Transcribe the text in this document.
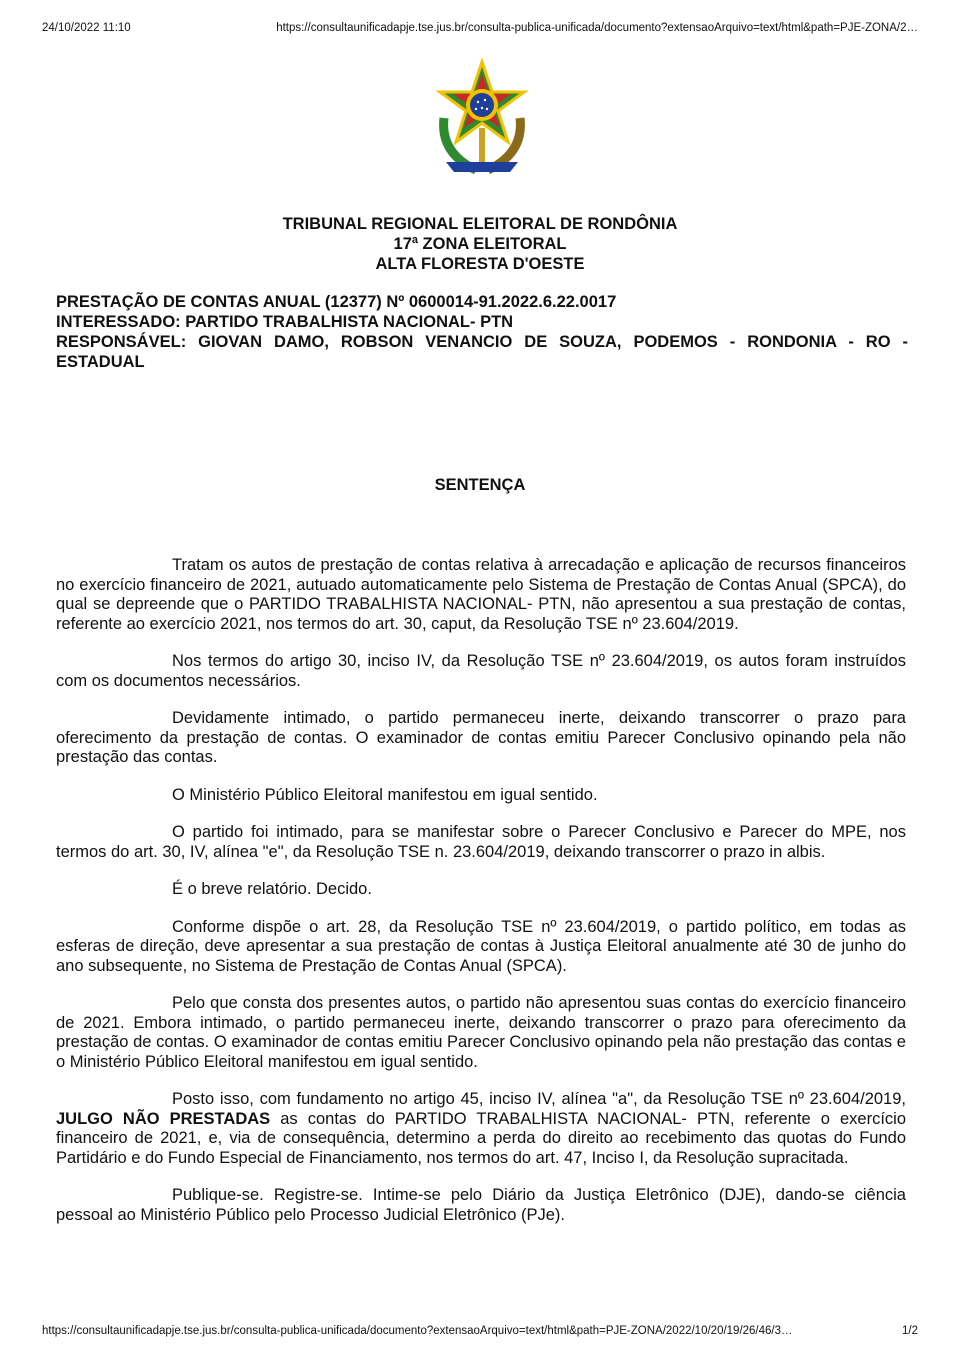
24/10/2022 11:10	https://consultaunificadapje.tse.jus.br/consulta-publica-unificada/documento?extensaoArquivo=text/html&path=PJE-ZONA/2…
TRIBUNAL REGIONAL ELEITORAL DE RONDÔNIA
17ª ZONA ELEITORAL
ALTA FLORESTA D'OESTE
PRESTAÇÃO DE CONTAS ANUAL (12377) Nº 0600014-91.2022.6.22.0017
INTERESSADO: PARTIDO TRABALHISTA NACIONAL- PTN
RESPONSÁVEL: GIOVAN DAMO, ROBSON VENANCIO DE SOUZA, PODEMOS - RONDONIA - RO - ESTADUAL
SENTENÇA

Tratam os autos de prestação de contas relativa à arrecadação e aplicação de recursos financeiros no exercício financeiro de 2021, autuado automaticamente pelo Sistema de Prestação de Contas Anual (SPCA), do qual se depreende que o PARTIDO TRABALHISTA NACIONAL- PTN, não apresentou a sua prestação de contas, referente ao exercício 2021, nos termos do art. 30, caput, da Resolução TSE nº 23.604/2019.

Nos termos do artigo 30, inciso IV, da Resolução TSE nº 23.604/2019, os autos foram instruídos com os documentos necessários.

Devidamente intimado, o partido permaneceu inerte, deixando transcorrer o prazo para oferecimento da prestação de contas. O examinador de contas emitiu Parecer Conclusivo opinando pela não prestação das contas.

O Ministério Público Eleitoral manifestou em igual sentido.

O partido foi intimado, para se manifestar sobre o Parecer Conclusivo e Parecer do MPE, nos termos do art. 30, IV, alínea "e", da Resolução TSE n. 23.604/2019, deixando transcorrer o prazo in albis.

É o breve relatório. Decido.

Conforme dispõe o art. 28, da Resolução TSE nº 23.604/2019, o partido político, em todas as esferas de direção, deve apresentar a sua prestação de contas à Justiça Eleitoral anualmente até 30 de junho do ano subsequente, no Sistema de Prestação de Contas Anual (SPCA).

Pelo que consta dos presentes autos, o partido não apresentou suas contas do exercício financeiro de 2021. Embora intimado, o partido permaneceu inerte, deixando transcorrer o prazo para oferecimento da prestação de contas. O examinador de contas emitiu Parecer Conclusivo opinando pela não prestação das contas e o Ministério Público Eleitoral manifestou em igual sentido.

Posto isso, com fundamento no artigo 45, inciso IV, alínea "a", da Resolução TSE nº 23.604/2019, JULGO NÃO PRESTADAS as contas do PARTIDO TRABALHISTA NACIONAL- PTN, referente o exercício financeiro de 2021, e, via de consequência, determino a perda do direito ao recebimento das quotas do Fundo Partidário e do Fundo Especial de Financiamento, nos termos do art. 47, Inciso I, da Resolução supracitada.

Publique-se. Registre-se. Intime-se pelo Diário da Justiça Eletrônico (DJE), dando-se ciência pessoal ao Ministério Público pelo Processo Judicial Eletrônico (PJe).

https://consultaunificadapje.tse.jus.br/consulta-publica-unificada/documento?extensaoArquivo=text/html&path=PJE-ZONA/2022/10/20/19/26/46/3…	1/2
